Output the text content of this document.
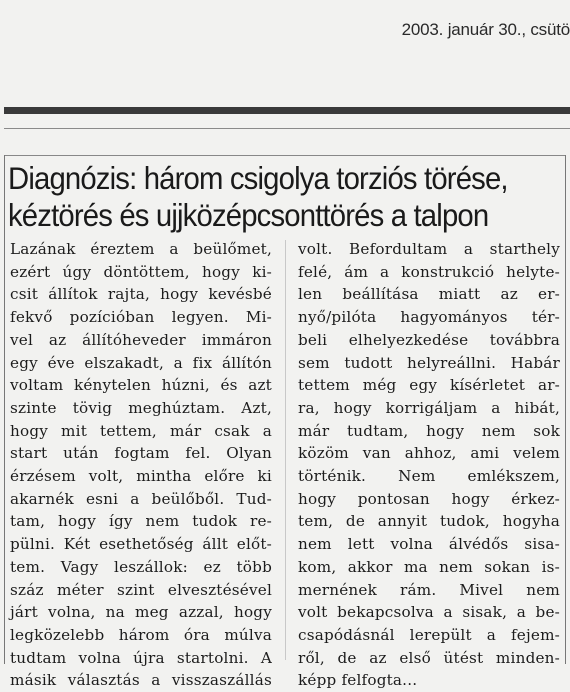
2003. január 30., csütö
Diagnózis: három csigolya torziós törése,
kéztörés és ujjközépcsonttörés a talpon
Lazának éreztem a beülőmet,
ezért úgy döntöttem, hogy ki-
csit állítok rajta, hogy kevésbé
fekvő pozícióban legyen. Mi-
vel az állítóheveder immáron
egy éve elszakadt, a fix állítón
voltam kénytelen húzni, és azt
szinte tövig meghúztam. Azt,
hogy mit tettem, már csak a
start után fogtam fel. Olyan
érzésem volt, mintha előre ki
akarnék esni a beülőből. Tud-
tam, hogy így nem tudok re-
pülni. Két esethetőség állt előt-
tem. Vagy leszállok: ez több
száz méter szint elvesztésével
járt volna, na meg azzal, hogy
legközelebb három óra múlva
tudtam volna újra startolni. A
másik választás a visszaszállás
volt. Befordultam a starthely
felé, ám a konstrukció helyte-
len beállítása miatt az er-
nyő/pilóta hagyományos tér-
beli elhelyezkedése továbbra
sem tudott helyreállni. Habár
tettem még egy kísérletet ar-
ra, hogy korrigáljam a hibát,
már tudtam, hogy nem sok
közöm van ahhoz, ami velem
történik. Nem emlékszem,
hogy pontosan hogy érkez-
tem, de annyit tudok, hogyha
nem lett volna álvédős sisa-
kom, akkor ma nem sokan is-
mernének rám. Mivel nem
volt bekapcsolva a sisak, a be-
csapódásnál lerepült a fejem-
ről, de az első ütést minden-
képp felfogta...
